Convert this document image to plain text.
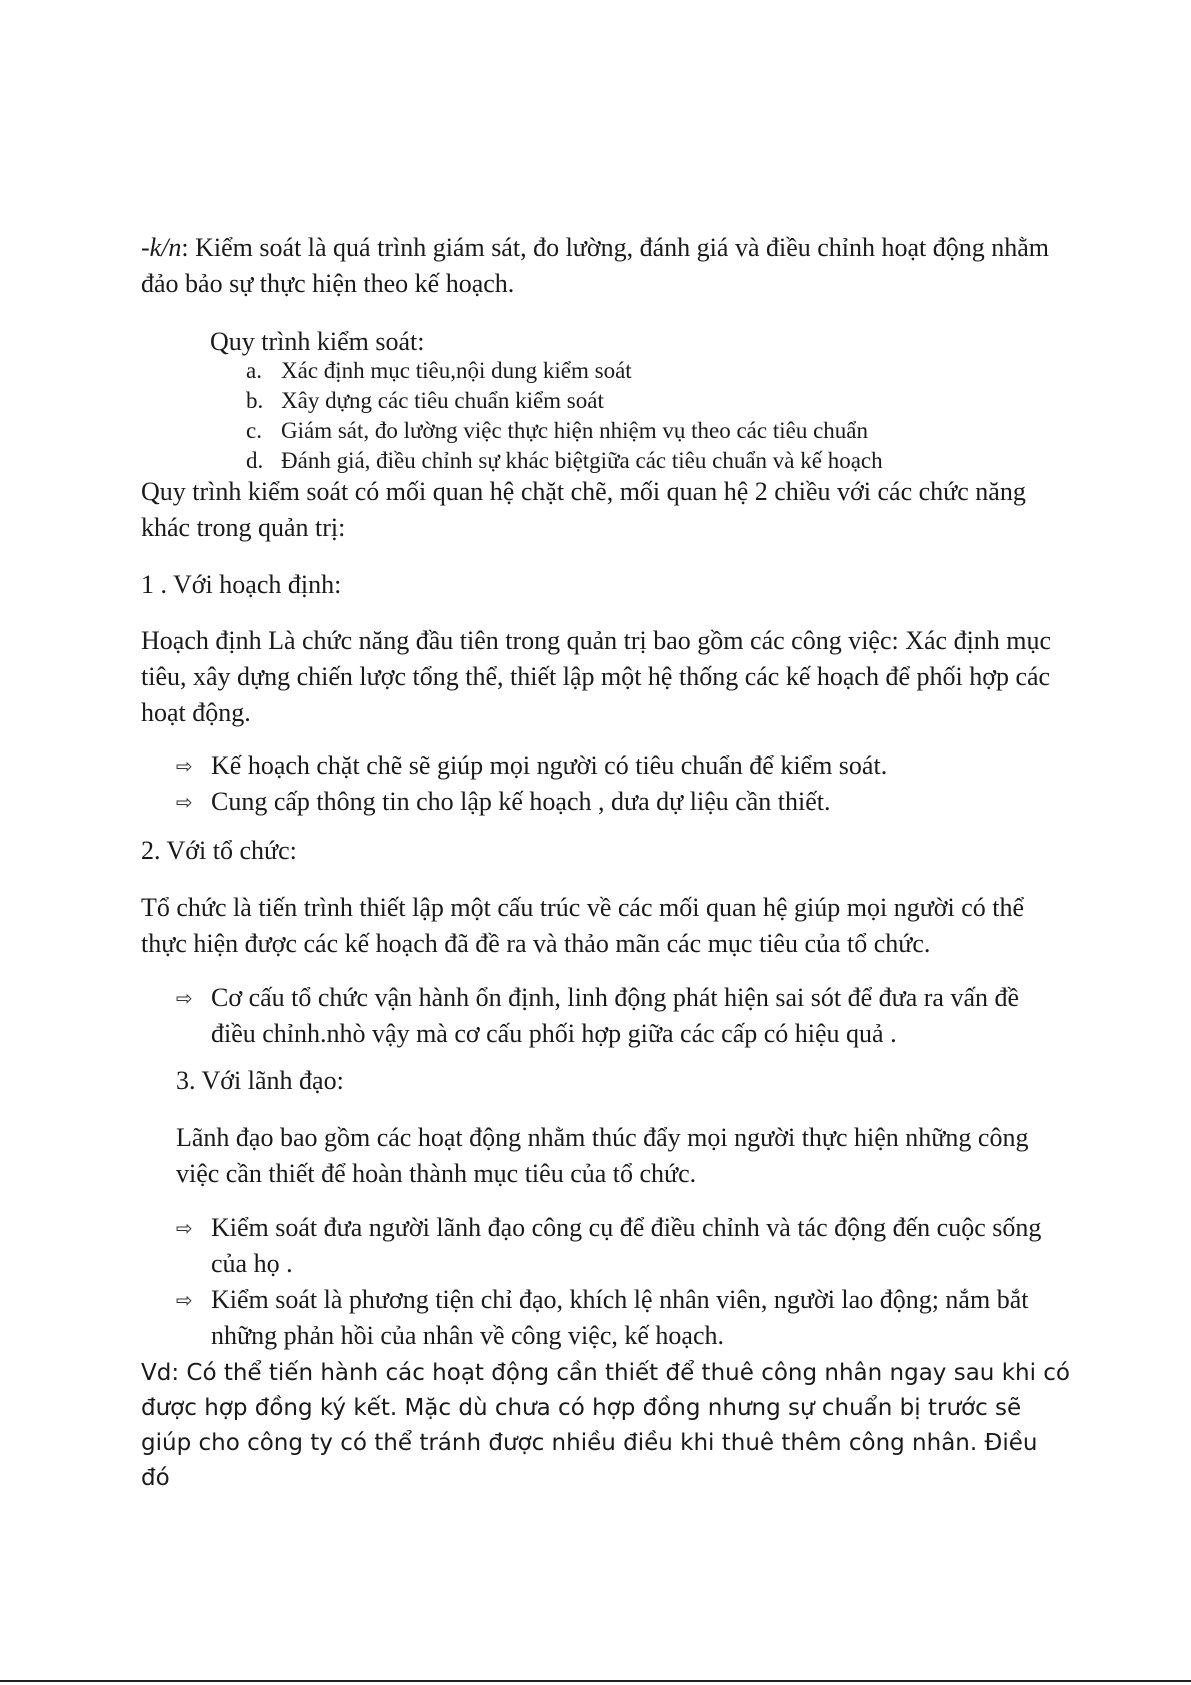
-k/n: Kiểm soát là quá trình giám sát, đo lường, đánh giá và điều chỉnh hoạt động nhằm đảo bảo sự thực hiện theo kế hoạch.

Quy trình kiểm soát:

a. Xác định mục tiêu,nội dung kiểm soát
b. Xây dựng các tiêu chuẩn kiểm soát
c. Giám sát, đo lường việc thực hiện nhiệm vụ theo các tiêu chuẩn
d. Đánh giá, điều chỉnh sự khác biệtgiữa các tiêu chuẩn và kế hoạch

Quy trình kiểm soát có mối quan hệ chặt chẽ, mối quan hệ 2 chiều với các chức năng khác trong quản trị:

1 . Với hoạch định:

Hoạch định Là chức năng đầu tiên trong quản trị bao gồm các công việc: Xác định mục tiêu, xây dựng chiến lược tổng thể, thiết lập một hệ thống các kế hoạch để phối hợp các hoạt động.

⇨ Kế hoạch chặt chẽ sẽ giúp mọi người có tiêu chuẩn để kiểm soát.
⇨ Cung cấp thông tin cho lập kế hoạch , dưa dự liệu cần thiết.

2. Với tổ chức:

Tổ chức là tiến trình thiết lập một cấu trúc về các mối quan hệ giúp mọi người có thể thực hiện được các kế hoạch đã đề ra và thảo mãn các mục tiêu của tổ chức.

⇨ Cơ cấu tổ chức vận hành ổn định, linh động phát hiện sai sót để đưa ra vấn đề điều chỉnh.nhò vậy mà cơ cấu phối hợp giữa các cấp có hiệu quả .

3. Với lãnh đạo:

Lãnh đạo bao gồm các hoạt động nhằm thúc đẩy mọi người thực hiện những công việc cần thiết để hoàn thành mục tiêu của tổ chức.

⇨ Kiểm soát đưa người lãnh đạo công cụ để điều chỉnh và tác động đến cuộc sống của họ .
⇨ Kiểm soát là phương tiện chỉ đạo, khích lệ nhân viên, người lao động; nắm bắt những phản hồi của nhân về công việc, kế hoạch.

Vd: Có thể tiến hành các hoạt động cần thiết để thuê công nhân ngay sau khi có được hợp đồng ký kết. Mặc dù chưa có hợp đồng nhưng sự chuẩn bị trước sẽ giúp cho công ty có thể tránh được nhiều điều khi thuê thêm công nhân. Điều đó
